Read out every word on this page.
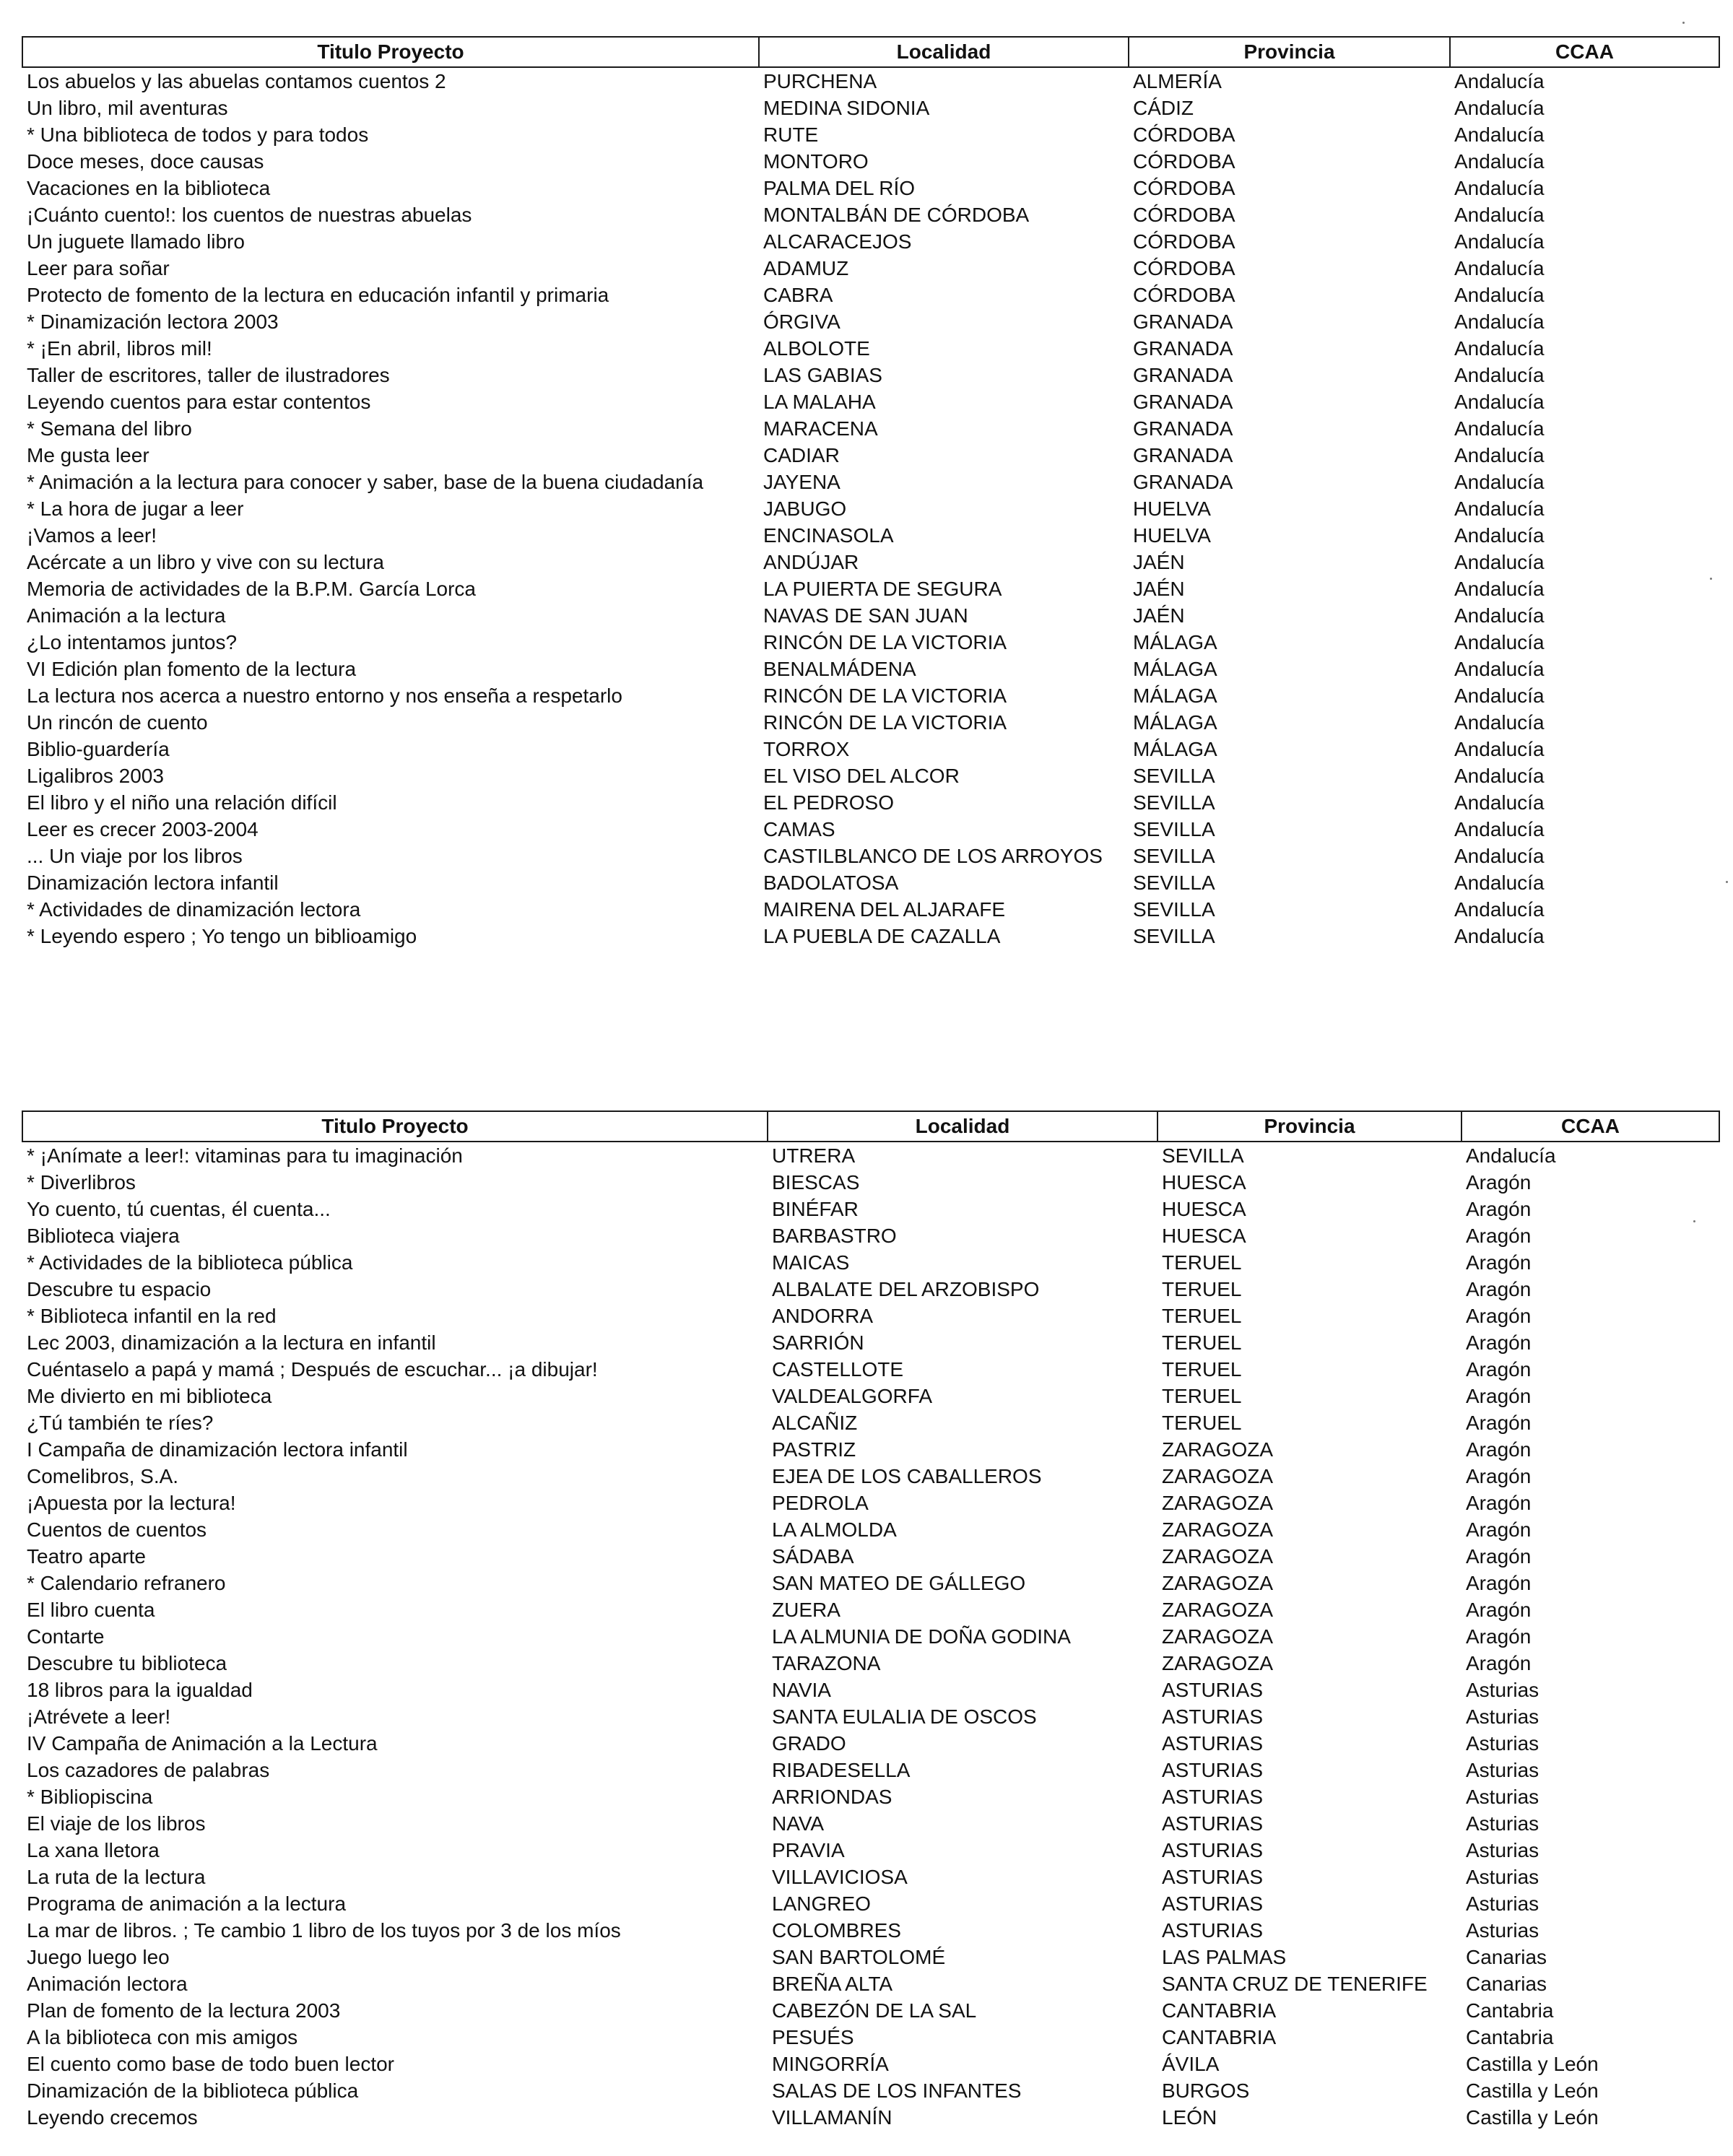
Titulo Proyecto	Localidad	Provincia	CCAA
Los abuelos y las abuelas contamos cuentos 2	PURCHENA	ALMERÍA	Andalucía
Un libro, mil aventuras	MEDINA SIDONIA	CÁDIZ	Andalucía
* Una biblioteca de todos y para todos	RUTE	CÓRDOBA	Andalucía
Doce meses, doce causas	MONTORO	CÓRDOBA	Andalucía
Vacaciones en la biblioteca	PALMA DEL RÍO	CÓRDOBA	Andalucía
¡Cuánto cuento!: los cuentos de nuestras abuelas	MONTALBÁN DE CÓRDOBA	CÓRDOBA	Andalucía
Un juguete llamado libro	ALCARACEJOS	CÓRDOBA	Andalucía
Leer para soñar	ADAMUZ	CÓRDOBA	Andalucía
Protecto de fomento de la lectura en educación infantil y primaria	CABRA	CÓRDOBA	Andalucía
* Dinamización lectora 2003	ÓRGIVA	GRANADA	Andalucía
* ¡En abril, libros mil!	ALBOLOTE	GRANADA	Andalucía
Taller de escritores, taller de ilustradores	LAS GABIAS	GRANADA	Andalucía
Leyendo cuentos para estar contentos	LA MALAHA	GRANADA	Andalucía
* Semana del libro	MARACENA	GRANADA	Andalucía
Me gusta leer	CADIAR	GRANADA	Andalucía
* Animación a la lectura para conocer y saber, base de la buena ciudadanía	JAYENA	GRANADA	Andalucía
* La hora de jugar a leer	JABUGO	HUELVA	Andalucía
¡Vamos a leer!	ENCINASOLA	HUELVA	Andalucía
Acércate a un libro y vive con su lectura	ANDÚJAR	JAÉN	Andalucía
Memoria de actividades de la B.P.M. García Lorca	LA PUIERTA DE SEGURA	JAÉN	Andalucía
Animación a la lectura	NAVAS DE SAN JUAN	JAÉN	Andalucía
¿Lo intentamos juntos?	RINCÓN DE LA VICTORIA	MÁLAGA	Andalucía
VI Edición plan fomento de la lectura	BENALMÁDENA	MÁLAGA	Andalucía
La lectura nos acerca a nuestro entorno y nos enseña a respetarlo	RINCÓN DE LA VICTORIA	MÁLAGA	Andalucía
Un rincón de cuento	RINCÓN DE LA VICTORIA	MÁLAGA	Andalucía
Biblio-guardería	TORROX	MÁLAGA	Andalucía
Ligalibros 2003	EL VISO DEL ALCOR	SEVILLA	Andalucía
El libro y el niño una relación difícil	EL PEDROSO	SEVILLA	Andalucía
Leer es crecer 2003-2004	CAMAS	SEVILLA	Andalucía
... Un viaje por los libros	CASTILBLANCO DE LOS ARROYOS	SEVILLA	Andalucía
Dinamización lectora infantil	BADOLATOSA	SEVILLA	Andalucía
* Actividades de dinamización lectora	MAIRENA DEL ALJARAFE	SEVILLA	Andalucía
* Leyendo espero ; Yo tengo un biblioamigo	LA PUEBLA DE CAZALLA	SEVILLA	Andalucía
Titulo Proyecto	Localidad	Provincia	CCAA
* ¡Anímate a leer!: vitaminas para tu imaginación	UTRERA	SEVILLA	Andalucía
* Diverlibros	BIESCAS	HUESCA	Aragón
Yo cuento, tú cuentas, él cuenta...	BINÉFAR	HUESCA	Aragón
Biblioteca viajera	BARBASTRO	HUESCA	Aragón
* Actividades de la biblioteca pública	MAICAS	TERUEL	Aragón
Descubre tu espacio	ALBALATE DEL ARZOBISPO	TERUEL	Aragón
* Biblioteca infantil en la red	ANDORRA	TERUEL	Aragón
Lec 2003, dinamización a la lectura en infantil	SARRIÓN	TERUEL	Aragón
Cuéntaselo a papá y mamá ; Después de escuchar... ¡a dibujar!	CASTELLOTE	TERUEL	Aragón
Me divierto en mi biblioteca	VALDEALGORFA	TERUEL	Aragón
¿Tú también te ríes?	ALCAÑIZ	TERUEL	Aragón
I Campaña de dinamización lectora infantil	PASTRIZ	ZARAGOZA	Aragón
Comelibros, S.A.	EJEA DE LOS CABALLEROS	ZARAGOZA	Aragón
¡Apuesta por la lectura!	PEDROLA	ZARAGOZA	Aragón
Cuentos de cuentos	LA ALMOLDA	ZARAGOZA	Aragón
Teatro aparte	SÁDABA	ZARAGOZA	Aragón
* Calendario refranero	SAN MATEO DE GÁLLEGO	ZARAGOZA	Aragón
El libro cuenta	ZUERA	ZARAGOZA	Aragón
Contarte	LA ALMUNIA DE DOÑA GODINA	ZARAGOZA	Aragón
Descubre tu biblioteca	TARAZONA	ZARAGOZA	Aragón
18 libros para la igualdad	NAVIA	ASTURIAS	Asturias
¡Atrévete a leer!	SANTA EULALIA DE OSCOS	ASTURIAS	Asturias
IV Campaña de Animación a la Lectura	GRADO	ASTURIAS	Asturias
Los cazadores de palabras	RIBADESELLA	ASTURIAS	Asturias
* Bibliopiscina	ARRIONDAS	ASTURIAS	Asturias
El viaje de los libros	NAVA	ASTURIAS	Asturias
La xana lletora	PRAVIA	ASTURIAS	Asturias
La ruta de la lectura	VILLAVICIOSA	ASTURIAS	Asturias
Programa de animación a la lectura	LANGREO	ASTURIAS	Asturias
La mar de libros. ; Te cambio 1 libro de los tuyos por 3 de los míos	COLOMBRES	ASTURIAS	Asturias
Juego luego leo	SAN BARTOLOMÉ	LAS PALMAS	Canarias
Animación lectora	BREÑA ALTA	SANTA CRUZ DE TENERIFE	Canarias
Plan de fomento de la lectura 2003	CABEZÓN DE LA SAL	CANTABRIA	Cantabria
A la biblioteca con mis amigos	PESUÉS	CANTABRIA	Cantabria
El cuento como base de todo buen lector	MINGORRÍA	ÁVILA	Castilla y León
Dinamización de la biblioteca pública	SALAS DE LOS INFANTES	BURGOS	Castilla y León
Leyendo crecemos	VILLAMANÍN	LEÓN	Castilla y León
